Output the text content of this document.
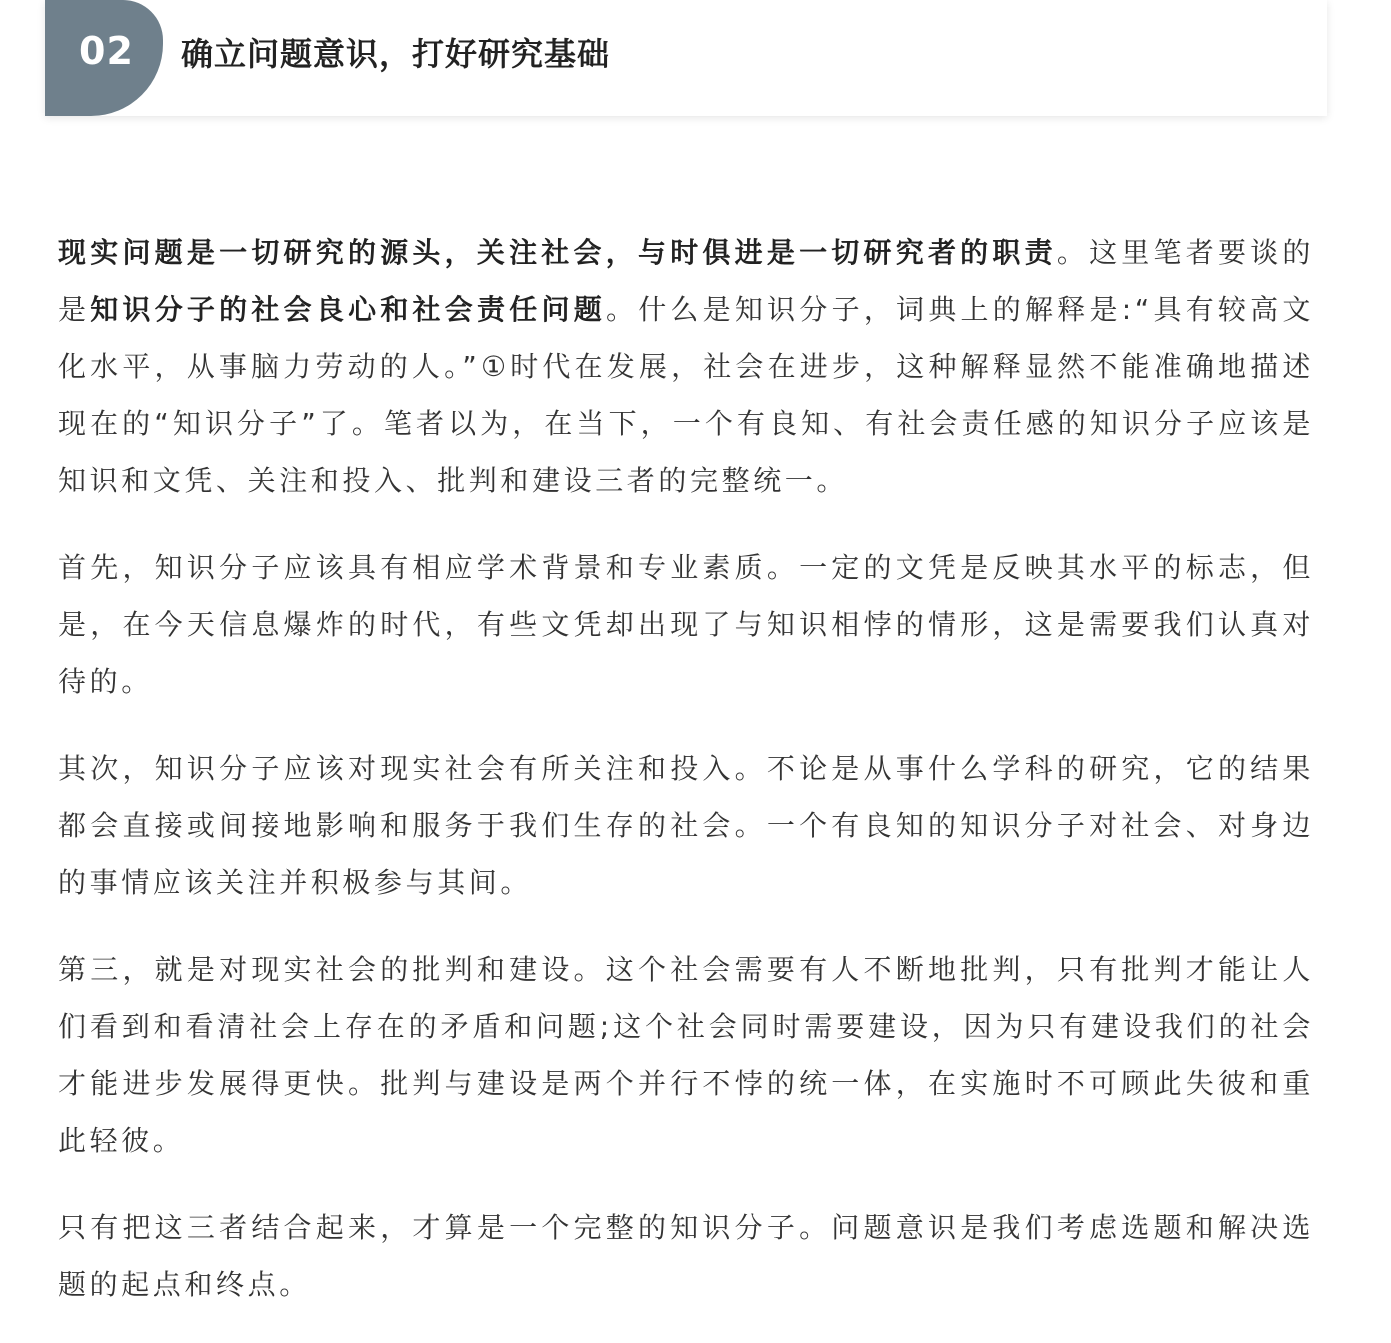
02 确立问题意识，打好研究基础

现实问题是一切研究的源头，关注社会，与时俱进是一切研究者的职责。这里笔者要谈的是知识分子的社会良心和社会责任问题。什么是知识分子，词典上的解释是:“具有较高文化水平，从事脑力劳动的人。”①时代在发展，社会在进步，这种解释显然不能准确地描述现在的“知识分子”了。笔者以为，在当下，一个有良知、有社会责任感的知识分子应该是知识和文凭、关注和投入、批判和建设三者的完整统一。

首先，知识分子应该具有相应学术背景和专业素质。一定的文凭是反映其水平的标志，但是，在今天信息爆炸的时代，有些文凭却出现了与知识相悖的情形，这是需要我们认真对待的。

其次，知识分子应该对现实社会有所关注和投入。不论是从事什么学科的研究，它的结果都会直接或间接地影响和服务于我们生存的社会。一个有良知的知识分子对社会、对身边的事情应该关注并积极参与其间。

第三，就是对现实社会的批判和建设。这个社会需要有人不断地批判，只有批判才能让人们看到和看清社会上存在的矛盾和问题;这个社会同时需要建设，因为只有建设我们的社会才能进步发展得更快。批判与建设是两个并行不悖的统一体，在实施时不可顾此失彼和重此轻彼。

只有把这三者结合起来，才算是一个完整的知识分子。问题意识是我们考虑选题和解决选题的起点和终点。
